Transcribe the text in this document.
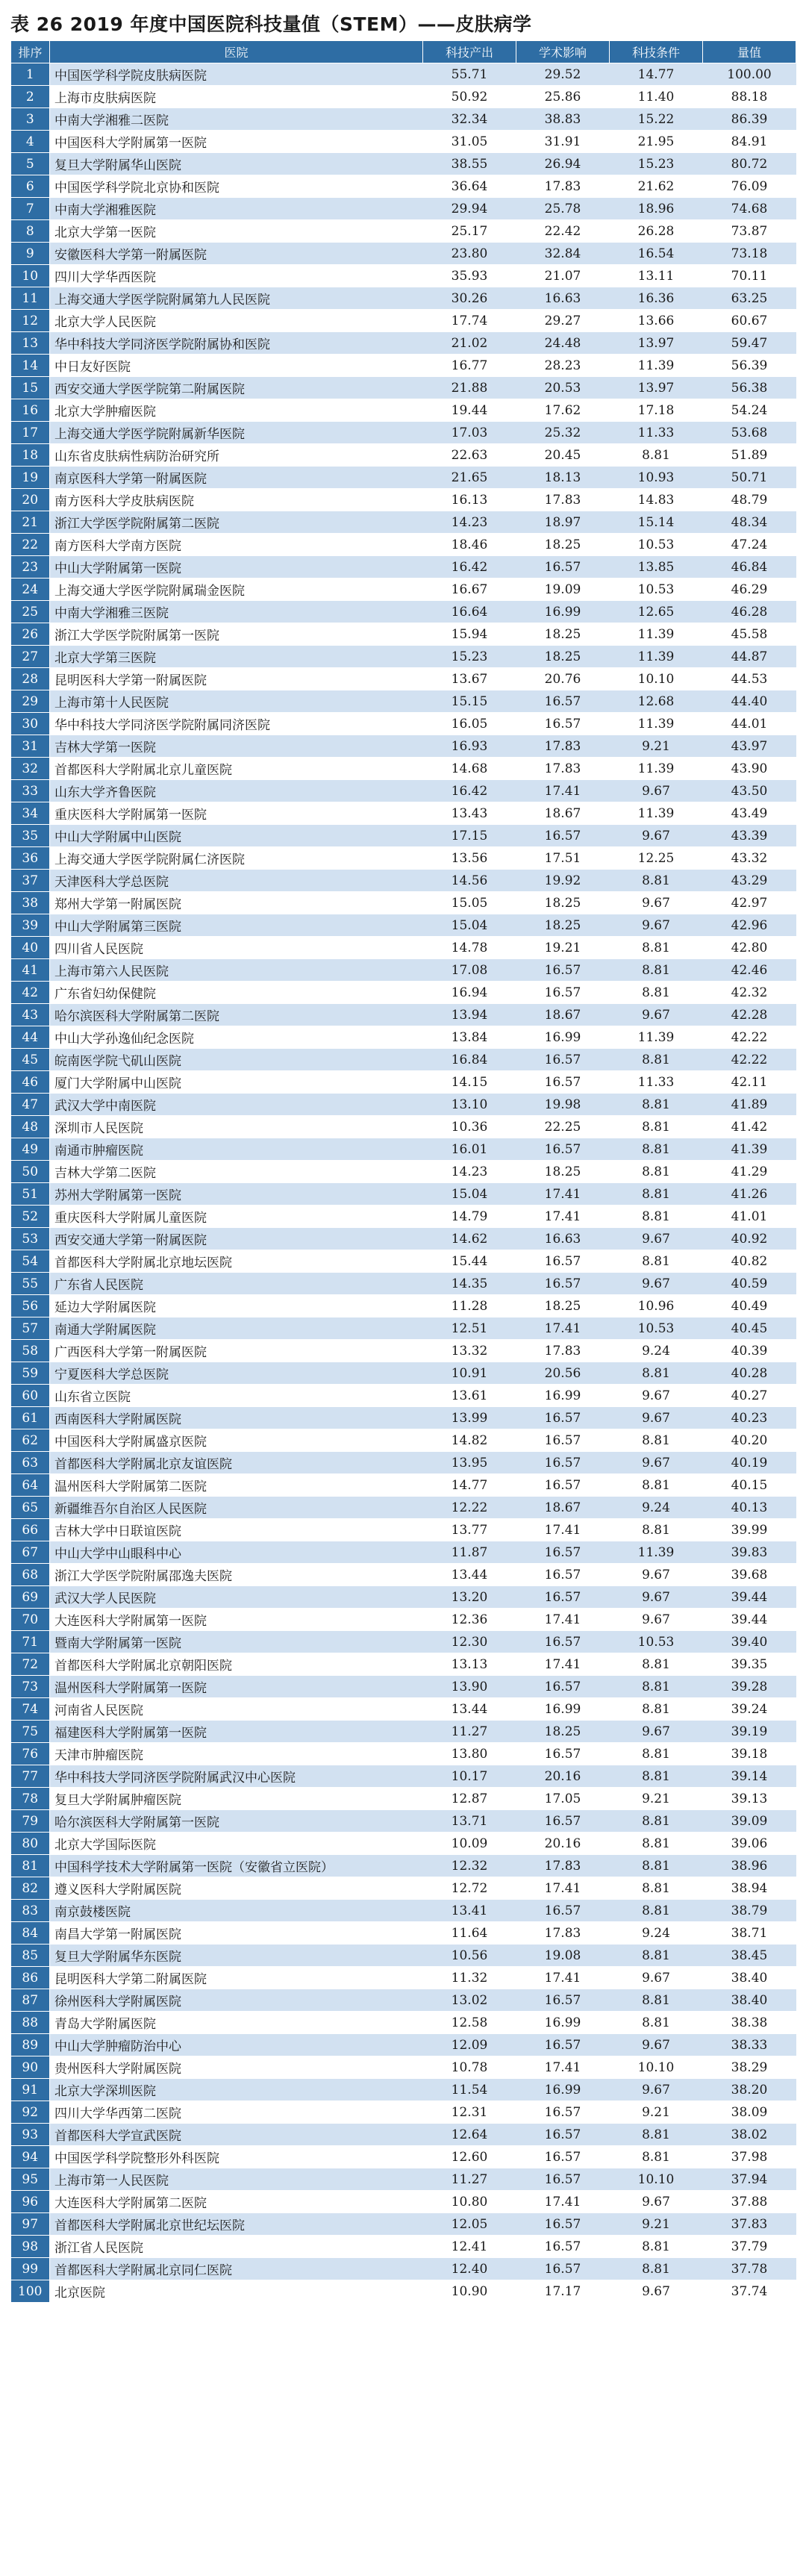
表 26 2019 年度中国医院科技量值（STEM）——皮肤病学
排序	医院	科技产出	学术影响	科技条件	量值
1	中国医学科学院皮肤病医院	55.71	29.52	14.77	100.00
2	上海市皮肤病医院	50.92	25.86	11.40	88.18
3	中南大学湘雅二医院	32.34	38.83	15.22	86.39
4	中国医科大学附属第一医院	31.05	31.91	21.95	84.91
5	复旦大学附属华山医院	38.55	26.94	15.23	80.72
6	中国医学科学院北京协和医院	36.64	17.83	21.62	76.09
7	中南大学湘雅医院	29.94	25.78	18.96	74.68
8	北京大学第一医院	25.17	22.42	26.28	73.87
9	安徽医科大学第一附属医院	23.80	32.84	16.54	73.18
10	四川大学华西医院	35.93	21.07	13.11	70.11
11	上海交通大学医学院附属第九人民医院	30.26	16.63	16.36	63.25
12	北京大学人民医院	17.74	29.27	13.66	60.67
13	华中科技大学同济医学院附属协和医院	21.02	24.48	13.97	59.47
14	中日友好医院	16.77	28.23	11.39	56.39
15	西安交通大学医学院第二附属医院	21.88	20.53	13.97	56.38
16	北京大学肿瘤医院	19.44	17.62	17.18	54.24
17	上海交通大学医学院附属新华医院	17.03	25.32	11.33	53.68
18	山东省皮肤病性病防治研究所	22.63	20.45	8.81	51.89
19	南京医科大学第一附属医院	21.65	18.13	10.93	50.71
20	南方医科大学皮肤病医院	16.13	17.83	14.83	48.79
21	浙江大学医学院附属第二医院	14.23	18.97	15.14	48.34
22	南方医科大学南方医院	18.46	18.25	10.53	47.24
23	中山大学附属第一医院	16.42	16.57	13.85	46.84
24	上海交通大学医学院附属瑞金医院	16.67	19.09	10.53	46.29
25	中南大学湘雅三医院	16.64	16.99	12.65	46.28
26	浙江大学医学院附属第一医院	15.94	18.25	11.39	45.58
27	北京大学第三医院	15.23	18.25	11.39	44.87
28	昆明医科大学第一附属医院	13.67	20.76	10.10	44.53
29	上海市第十人民医院	15.15	16.57	12.68	44.40
30	华中科技大学同济医学院附属同济医院	16.05	16.57	11.39	44.01
31	吉林大学第一医院	16.93	17.83	9.21	43.97
32	首都医科大学附属北京儿童医院	14.68	17.83	11.39	43.90
33	山东大学齐鲁医院	16.42	17.41	9.67	43.50
34	重庆医科大学附属第一医院	13.43	18.67	11.39	43.49
35	中山大学附属中山医院	17.15	16.57	9.67	43.39
36	上海交通大学医学院附属仁济医院	13.56	17.51	12.25	43.32
37	天津医科大学总医院	14.56	19.92	8.81	43.29
38	郑州大学第一附属医院	15.05	18.25	9.67	42.97
39	中山大学附属第三医院	15.04	18.25	9.67	42.96
40	四川省人民医院	14.78	19.21	8.81	42.80
41	上海市第六人民医院	17.08	16.57	8.81	42.46
42	广东省妇幼保健院	16.94	16.57	8.81	42.32
43	哈尔滨医科大学附属第二医院	13.94	18.67	9.67	42.28
44	中山大学孙逸仙纪念医院	13.84	16.99	11.39	42.22
45	皖南医学院弋矶山医院	16.84	16.57	8.81	42.22
46	厦门大学附属中山医院	14.15	16.57	11.33	42.11
47	武汉大学中南医院	13.10	19.98	8.81	41.89
48	深圳市人民医院	10.36	22.25	8.81	41.42
49	南通市肿瘤医院	16.01	16.57	8.81	41.39
50	吉林大学第二医院	14.23	18.25	8.81	41.29
51	苏州大学附属第一医院	15.04	17.41	8.81	41.26
52	重庆医科大学附属儿童医院	14.79	17.41	8.81	41.01
53	西安交通大学第一附属医院	14.62	16.63	9.67	40.92
54	首都医科大学附属北京地坛医院	15.44	16.57	8.81	40.82
55	广东省人民医院	14.35	16.57	9.67	40.59
56	延边大学附属医院	11.28	18.25	10.96	40.49
57	南通大学附属医院	12.51	17.41	10.53	40.45
58	广西医科大学第一附属医院	13.32	17.83	9.24	40.39
59	宁夏医科大学总医院	10.91	20.56	8.81	40.28
60	山东省立医院	13.61	16.99	9.67	40.27
61	西南医科大学附属医院	13.99	16.57	9.67	40.23
62	中国医科大学附属盛京医院	14.82	16.57	8.81	40.20
63	首都医科大学附属北京友谊医院	13.95	16.57	9.67	40.19
64	温州医科大学附属第二医院	14.77	16.57	8.81	40.15
65	新疆维吾尔自治区人民医院	12.22	18.67	9.24	40.13
66	吉林大学中日联谊医院	13.77	17.41	8.81	39.99
67	中山大学中山眼科中心	11.87	16.57	11.39	39.83
68	浙江大学医学院附属邵逸夫医院	13.44	16.57	9.67	39.68
69	武汉大学人民医院	13.20	16.57	9.67	39.44
70	大连医科大学附属第一医院	12.36	17.41	9.67	39.44
71	暨南大学附属第一医院	12.30	16.57	10.53	39.40
72	首都医科大学附属北京朝阳医院	13.13	17.41	8.81	39.35
73	温州医科大学附属第一医院	13.90	16.57	8.81	39.28
74	河南省人民医院	13.44	16.99	8.81	39.24
75	福建医科大学附属第一医院	11.27	18.25	9.67	39.19
76	天津市肿瘤医院	13.80	16.57	8.81	39.18
77	华中科技大学同济医学院附属武汉中心医院	10.17	20.16	8.81	39.14
78	复旦大学附属肿瘤医院	12.87	17.05	9.21	39.13
79	哈尔滨医科大学附属第一医院	13.71	16.57	8.81	39.09
80	北京大学国际医院	10.09	20.16	8.81	39.06
81	中国科学技术大学附属第一医院（安徽省立医院）	12.32	17.83	8.81	38.96
82	遵义医科大学附属医院	12.72	17.41	8.81	38.94
83	南京鼓楼医院	13.41	16.57	8.81	38.79
84	南昌大学第一附属医院	11.64	17.83	9.24	38.71
85	复旦大学附属华东医院	10.56	19.08	8.81	38.45
86	昆明医科大学第二附属医院	11.32	17.41	9.67	38.40
87	徐州医科大学附属医院	13.02	16.57	8.81	38.40
88	青岛大学附属医院	12.58	16.99	8.81	38.38
89	中山大学肿瘤防治中心	12.09	16.57	9.67	38.33
90	贵州医科大学附属医院	10.78	17.41	10.10	38.29
91	北京大学深圳医院	11.54	16.99	9.67	38.20
92	四川大学华西第二医院	12.31	16.57	9.21	38.09
93	首都医科大学宣武医院	12.64	16.57	8.81	38.02
94	中国医学科学院整形外科医院	12.60	16.57	8.81	37.98
95	上海市第一人民医院	11.27	16.57	10.10	37.94
96	大连医科大学附属第二医院	10.80	17.41	9.67	37.88
97	首都医科大学附属北京世纪坛医院	12.05	16.57	9.21	37.83
98	浙江省人民医院	12.41	16.57	8.81	37.79
99	首都医科大学附属北京同仁医院	12.40	16.57	8.81	37.78
100	北京医院	10.90	17.17	9.67	37.74
